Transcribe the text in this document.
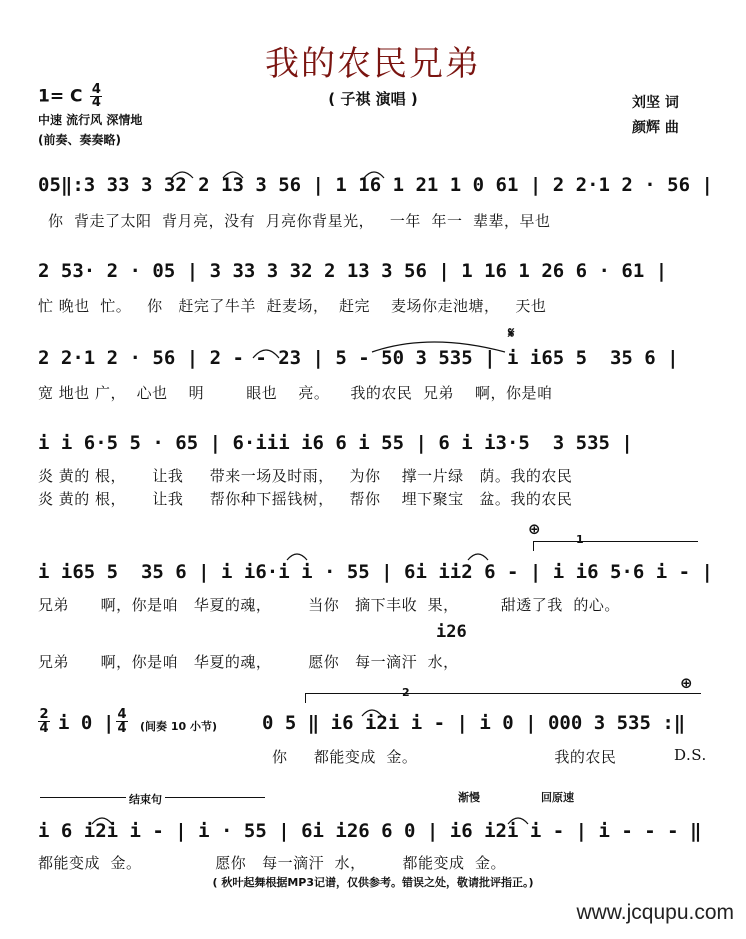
我的农民兄弟
( 子祺 演唱 )
1= C $\frac{4}{4}$
中速 流行风 深情地
(前奏、奏奏略)
刘坚 词
颜辉 曲
05‖:3 33 3 32 2 13 3 56 | 1 16 1 21 1 0 61 | 2 2·1 2 · 56 |
你  背走了太阳  背月亮，没有  月亮你背星光，   一年  年一  辈辈，早也
2 53· 2 · 05 | 3 33 3 32 2 13 3 56 | 1 16 1 26 6 · 61 |
忙 晚也  忙。   你   赶完了牛羊  赶麦场，  赶完    麦场你走池塘，   天也
𝄋
2 2·1 2 · 56 | 2 - - 23 | 5 - 50 3 535 | i i65 5  35 6 |
宽 地也 广，  心也    明        眼也    亮。    我的农民  兄弟    啊，你是咱
i i 6·5 5 · 65 | 6·iii i6 6 i 55 | 6 i i3·5  3 535 |
炎 黄的 根，     让我     带来一场及时雨，   为你    撑一片绿   荫。我的农民
炎 黄的 根，     让我     帮你种下摇钱树，   帮你    埋下聚宝   盆。我的农民
⊕
1
i i65 5  35 6 | i i6·i i · 55 | 6i ii2 6 - | i i6 5·6 i - |
兄弟      啊，你是咱   华夏的魂，       当你   摘下丰收  果，        甜透了我  的心。
i26
兄弟      啊，你是咱   华夏的魂，       愿你   每一滴汗  水，
2
⊕
2
4 i 0 | 4
4 (间奏 10 小节) 0 5 ‖ i6 i2i i - | i 0 | 000 3 535 :‖
你     都能变成  金。                          我的农民	D.S.
结束句	渐慢	回原速
i 6 i2i i - | i · 55 | 6i i26 6 0 | i6 i2i i - | i - - - ‖
都能变成  金。              愿你   每一滴汗  水，       都能变成  金。
( 秋叶起舞根据MP3记谱，仅供参考。错误之处，敬请批评指正。)
www.jcqupu.com
